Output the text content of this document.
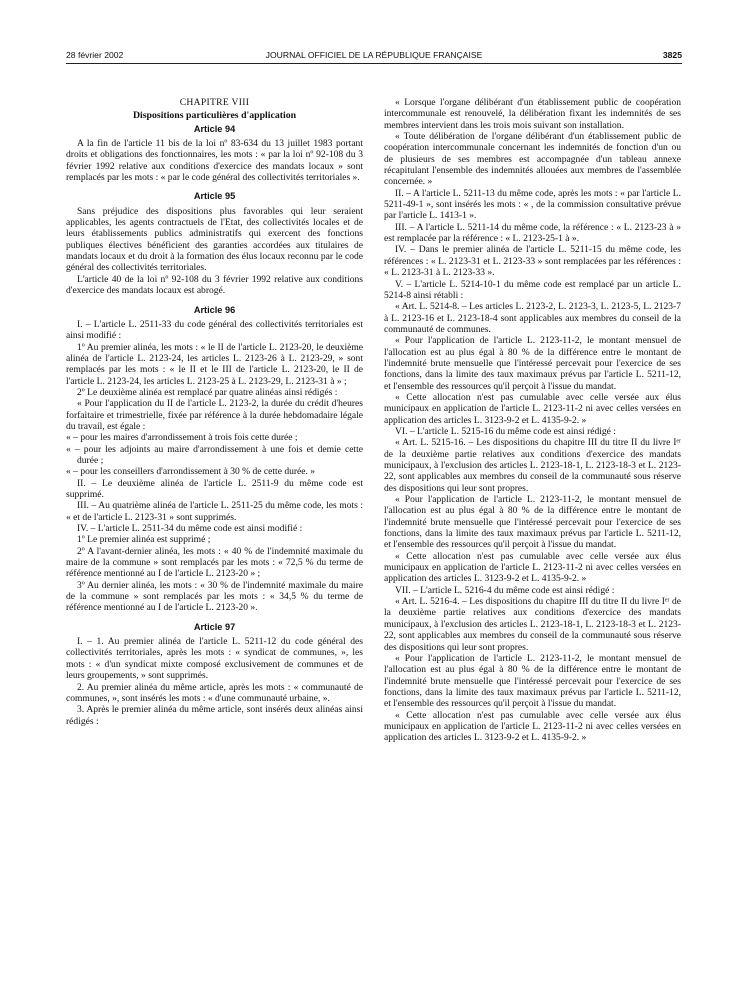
28 février 2002	JOURNAL OFFICIEL DE LA RÉPUBLIQUE FRANÇAISE	3825
CHAPITRE VIII
Dispositions particulières d'application
Article 94

A la fin de l'article 11 bis de la loi nº 83-634 du 13 juillet 1983 portant droits et obligations des fonctionnaires, les mots : « par la loi nº 92-108 du 3 février 1992 relative aux conditions d'exercice des mandats locaux » sont remplacés par les mots : « par le code général des collectivités territoriales ».

Article 95

Sans préjudice des dispositions plus favorables qui leur seraient applicables, les agents contractuels de l'Etat, des collectivités locales et de leurs établissements publics administratifs qui exercent des fonctions publiques électives bénéficient des garanties accordées aux titulaires de mandats locaux et du droit à la formation des élus locaux reconnu par le code général des collectivités territoriales.

L'article 40 de la loi nº 92-108 du 3 février 1992 relative aux conditions d'exercice des mandats locaux est abrogé.

Article 96

I. – L'article L. 2511-33 du code général des collectivités territoriales est ainsi modifié :

1º Au premier alinéa, les mots : « le II de l'article L. 2123-20, le deuxième alinéa de l'article L. 2123-24, les articles L. 2123-26 à L. 2123-29, » sont remplacés par les mots : « le II et le III de l'article L. 2123-20, le II de l'article L. 2123-24, les articles L. 2123-25 à L. 2123-29, L. 2123-31 à » ;

2º Le deuxième alinéa est remplacé par quatre alinéas ainsi rédigés :

« Pour l'application du II de l'article L. 2123-2, la durée du crédit d'heures forfaitaire et trimestrielle, fixée par référence à la durée hebdomadaire légale du travail, est égale :

« – pour les maires d'arrondissement à trois fois cette durée ;

« – pour les adjoints au maire d'arrondissement à une fois et demie cette durée ;

« – pour les conseillers d'arrondissement à 30 % de cette durée. »

II. – Le deuxième alinéa de l'article L. 2511-9 du même code est supprimé.

III. – Au quatrième alinéa de l'article L. 2511-25 du même code, les mots : « et de l'article L. 2123-31 » sont supprimés.

IV. – L'article L. 2511-34 du même code est ainsi modifié :

1º Le premier alinéa est supprimé ;

2º A l'avant-dernier alinéa, les mots : « 40 % de l'indemnité maximale du maire de la commune » sont remplacés par les mots : « 72,5 % du terme de référence mentionné au I de l'article L. 2123-20 » ;

3º Au dernier alinéa, les mots : « 30 % de l'indemnité maximale du maire de la commune » sont remplacés par les mots : « 34,5 % du terme de référence mentionné au I de l'article L. 2123-20 ».

Article 97

I. – 1. Au premier alinéa de l'article L. 5211-12 du code général des collectivités territoriales, après les mots : « syndicat de communes, », les mots : « d'un syndicat mixte composé exclusivement de communes et de leurs groupements, » sont supprimés.

2. Au premier alinéa du même article, après les mots : « communauté de communes, », sont insérés les mots : « d'une communauté urbaine, ».

3. Après le premier alinéa du même article, sont insérés deux alinéas ainsi rédigés :

« Lorsque l'organe délibérant d'un établissement public de coopération intercommunale est renouvelé, la délibération fixant les indemnités de ses membres intervient dans les trois mois suivant son installation.

« Toute délibération de l'organe délibérant d'un établissement public de coopération intercommunale concernant les indemnités de fonction d'un ou de plusieurs de ses membres est accompagnée d'un tableau annexe récapitulant l'ensemble des indemnités allouées aux membres de l'assemblée concernée. »

II. – A l'article L. 5211-13 du même code, après les mots : « par l'article L. 5211-49-1 », sont insérés les mots : « , de la commission consultative prévue par l'article L. 1413-1 ».

III. – A l'article L. 5211-14 du même code, la référence : « L. 2123-23 à » est remplacée par la référence : « L. 2123-25-1 à ».

IV. – Dans le premier alinéa de l'article L. 5211-15 du même code, les références : « L. 2123-31 et L. 2123-33 » sont remplacées par les références : « L. 2123-31 à L. 2123-33 ».

V. – L'article L. 5214-10-1 du même code est remplacé par un article L. 5214-8 ainsi rétabli :

« Art. L. 5214-8. – Les articles L. 2123-2, L. 2123-3, L. 2123-5, L. 2123-7 à L. 2123-16 et L. 2123-18-4 sont applicables aux membres du conseil de la communauté de communes.

« Pour l'application de l'article L. 2123-11-2, le montant mensuel de l'allocation est au plus égal à 80 % de la différence entre le montant de l'indemnité brute mensuelle que l'intéressé percevait pour l'exercice de ses fonctions, dans la limite des taux maximaux prévus par l'article L. 5211-12, et l'ensemble des ressources qu'il perçoit à l'issue du mandat.

« Cette allocation n'est pas cumulable avec celle versée aux élus municipaux en application de l'article L. 2123-11-2 ni avec celles versées en application des articles L. 3123-9-2 et L. 4135-9-2. »

VI. – L'article L. 5215-16 du même code est ainsi rédigé :

« Art. L. 5215-16. – Les dispositions du chapitre III du titre II du livre Iᵉʳ de la deuxième partie relatives aux conditions d'exercice des mandats municipaux, à l'exclusion des articles L. 2123-18-1, L. 2123-18-3 et L. 2123-22, sont applicables aux membres du conseil de la communauté sous réserve des dispositions qui leur sont propres.

« Pour l'application de l'article L. 2123-11-2, le montant mensuel de l'allocation est au plus égal à 80 % de la différence entre le montant de l'indemnité brute mensuelle que l'intéressé percevait pour l'exercice de ses fonctions, dans la limite des taux maximaux prévus par l'article L. 5211-12, et l'ensemble des ressources qu'il perçoit à l'issue du mandat.

« Cette allocation n'est pas cumulable avec celle versée aux élus municipaux en application de l'article L. 2123-11-2 ni avec celles versées en application des articles L. 3123-9-2 et L. 4135-9-2. »

VII. – L'article L. 5216-4 du même code est ainsi rédigé :

« Art. L. 5216-4. – Les dispositions du chapitre III du titre II du livre Iᵉʳ de la deuxième partie relatives aux conditions d'exercice des mandats municipaux, à l'exclusion des articles L. 2123-18-1, L. 2123-18-3 et L. 2123-22, sont applicables aux membres du conseil de la communauté sous réserve des dispositions qui leur sont propres.

« Pour l'application de l'article L. 2123-11-2, le montant mensuel de l'allocation est au plus égal à 80 % de la différence entre le montant de l'indemnité brute mensuelle que l'intéressé percevait pour l'exercice de ses fonctions, dans la limite des taux maximaux prévus par l'article L. 5211-12, et l'ensemble des ressources qu'il perçoit à l'issue du mandat.

« Cette allocation n'est pas cumulable avec celle versée aux élus municipaux en application de l'article L. 2123-11-2 ni avec celles versées en application des articles L. 3123-9-2 et L. 4135-9-2. »
